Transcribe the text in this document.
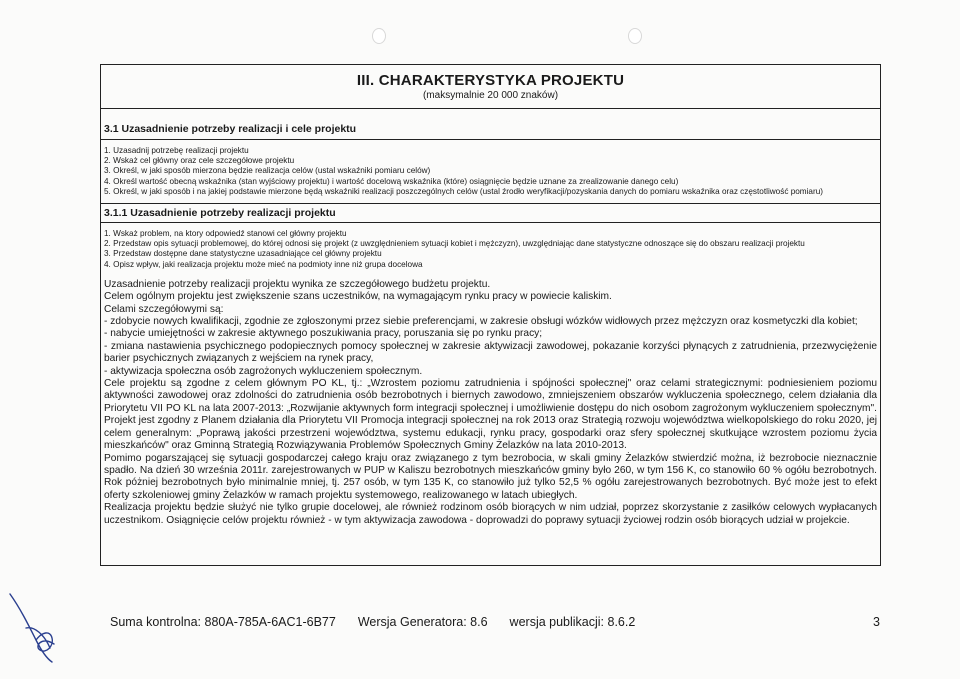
III. CHARAKTERYSTYKA PROJEKTU
(maksymalnie 20 000 znaków)
3.1 Uzasadnienie potrzeby realizacji i cele projektu
1. Uzasadnij potrzebę realizacji projektu
2. Wskaż cel główny oraz cele szczegółowe projektu
3. Określ, w jaki sposób mierzona będzie realizacja celów (ustal wskaźniki pomiaru celów)
4. Określ wartość obecną wskaźnika (stan wyjściowy projektu) i wartość docelową wskaźnika (które) osiągnięcie będzie uznane za zrealizowanie danego celu)
5. Określ, w jaki sposób i na jakiej podstawie mierzone będą wskaźniki realizacji poszczególnych celów (ustal źrodło weryfikacji/pozyskania danych do pomiaru wskaźnika oraz częstotliwość pomiaru)
3.1.1 Uzasadnienie potrzeby realizacji projektu
1. Wskaż problem, na ktory odpowiedź stanowi cel główny projektu
2. Przedstaw opis sytuacji problemowej, do której odnosi się projekt (z uwzględnieniem sytuacji kobiet i mężczyzn), uwzględniając dane statystyczne odnoszące się do obszaru realizacji projektu
3. Przedstaw dostępne dane statystyczne uzasadniające cel główny projektu
4. Opisz wpływ, jaki realizacja projektu może mieć na podmioty inne niż grupa docelowa

Uzasadnienie potrzeby realizacji projektu wynika ze szczegółowego budżetu projektu.

Celem ogólnym projektu jest zwiększenie szans uczestników, na wymagającym rynku pracy w powiecie kaliskim.

Celami szczegółowymi są:

- zdobycie nowych kwalifikacji, zgodnie ze zgłoszonymi przez siebie preferencjami, w zakresie obsługi wózków widłowych przez mężczyzn oraz kosmetyczki dla kobiet;

- nabycie umiejętności w zakresie aktywnego poszukiwania pracy, poruszania się po rynku pracy;

- zmiana nastawienia psychicznego podopiecznych pomocy społecznej w zakresie aktywizacji zawodowej, pokazanie korzyści płynących z zatrudnienia, przezwyciężenie barier psychicznych związanych z wejściem na rynek pracy,

- aktywizacja społeczna osób zagrożonych wykluczeniem społecznym.

Cele projektu są zgodne z celem głównym PO KL, tj.: „Wzrostem poziomu zatrudnienia i spójności społecznej" oraz celami strategicznymi: podniesieniem poziomu aktywności zawodowej oraz zdolności do zatrudnienia osób bezrobotnych i biernych zawodowo, zmniejszeniem obszarów wykluczenia społecznego, celem działania dla Priorytetu VII PO KL na lata 2007-2013: „Rozwijanie aktywnych form integracji społecznej i umożliwienie dostępu do nich osobom zagrożonym wykluczeniem społecznym". Projekt jest zgodny z Planem działania dla Priorytetu VII Promocja integracji społecznej na rok 2013 oraz Strategią rozwoju województwa wielkopolskiego do roku 2020, jej celem generalnym: „Poprawą jakości przestrzeni województwa, systemu edukacji, rynku pracy, gospodarki oraz sfery społecznej skutkujące wzrostem poziomu życia mieszkańców" oraz Gminną Strategią Rozwiązywania Problemów Społecznych Gminy Żelazków na lata 2010-2013.

Pomimo pogarszającej się sytuacji gospodarczej całego kraju oraz związanego z tym bezrobocia, w skali gminy Żelazków stwierdzić można, iż bezrobocie nieznacznie spadło. Na dzień 30 września 2011r. zarejestrowanych w PUP w Kaliszu bezrobotnych mieszkańców gminy było 260, w tym 156 K, co stanowiło 60 % ogółu bezrobotnych. Rok póżniej bezrobotnych było minimalnie mniej, tj. 257 osób, w tym 135 K, co stanowiło już tylko 52,5 % ogółu zarejestrowanych bezrobotnych. Być może jest to efekt oferty szkoleniowej gminy Żelazków w ramach projektu systemowego, realizowanego w latach ubiegłych.

Realizacja projektu będzie służyć nie tylko grupie docelowej, ale również rodzinom osób biorących w nim udział, poprzez skorzystanie z zasiłków celowych wypłacanych uczestnikom. Osiągnięcie celów projektu również - w tym aktywizacja zawodowa - doprowadzi do poprawy sytuacji życiowej rodzin osób biorących udział w projekcie.

Suma kontrolna: 880A-785A-6AC1-6B77 Wersja Generatora: 8.6 wersja publikacji: 8.6.2	3
